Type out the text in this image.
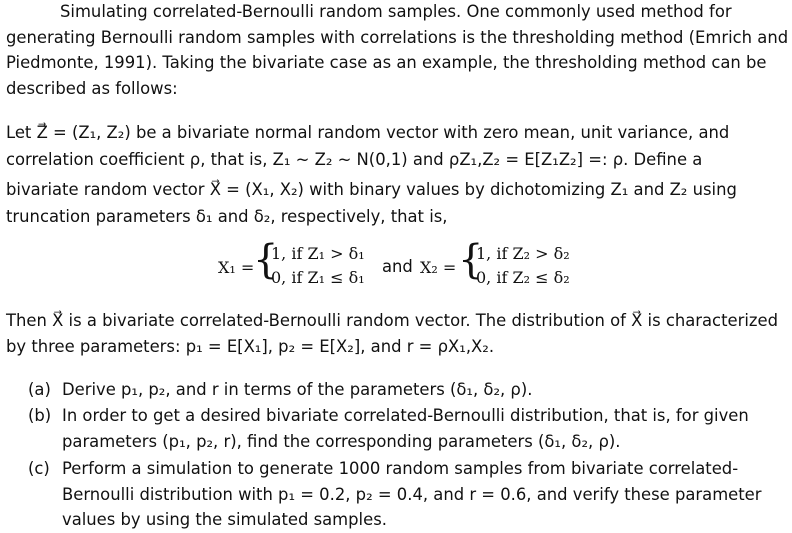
Simulating correlated-Bernoulli random samples. One commonly used method for
generating Bernoulli random samples with correlations is the thresholding method (Emrich and
Piedmonte, 1991). Taking the bivariate case as an example, the thresholding method can be
described as follows:
Let Z⃗ = (Z₁, Z₂) be a bivariate normal random vector with zero mean, unit variance, and
correlation coefficient ρ, that is, Z₁ ~ Z₂ ~ N(0,1) and ρZ₁,Z₂ = E[Z₁Z₂] =: ρ. Define a
bivariate random vector X⃗ = (X₁, X₂) with binary values by dichotomizing Z₁ and Z₂ using
truncation parameters δ₁ and δ₂, respectively, that is,
X₁ =
{
1, if Z₁ > δ₁
0, if Z₁ ≤ δ₁
and X₂ = {
1, if Z₂ > δ₂
0, if Z₂ ≤ δ₂
Then X⃗ is a bivariate correlated-Bernoulli random vector. The distribution of X⃗ is characterized
by three parameters: p₁ = E[X₁], p₂ = E[X₂], and r = ρX₁,X₂.
(a) Derive p₁, p₂, and r in terms of the parameters (δ₁, δ₂, ρ).
(b) In order to get a desired bivariate correlated-Bernoulli distribution, that is, for given
parameters (p₁, p₂, r), find the corresponding parameters (δ₁, δ₂, ρ).
(c) Perform a simulation to generate 1000 random samples from bivariate correlated-
Bernoulli distribution with p₁ = 0.2, p₂ = 0.4, and r = 0.6, and verify these parameter
values by using the simulated samples.
